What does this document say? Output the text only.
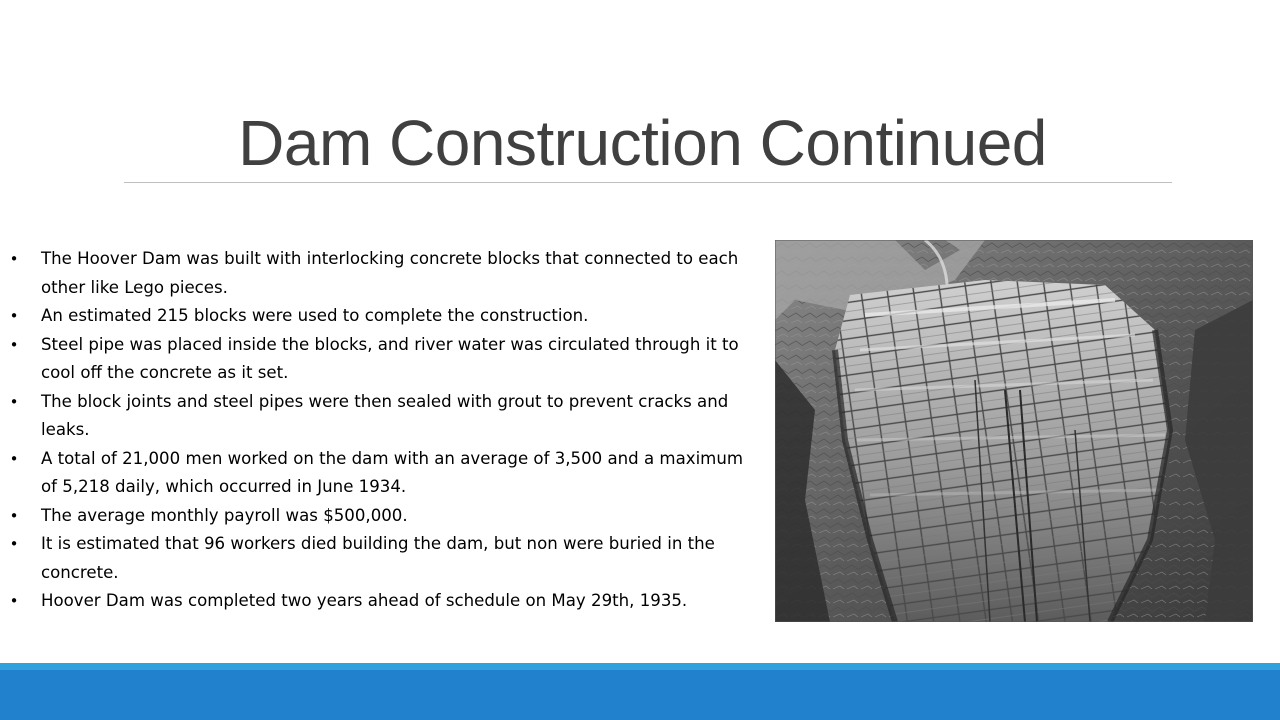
Dam Construction Continued
• The Hoover Dam was built with interlocking concrete blocks that connected to each other like Lego pieces.
• An estimated 215 blocks were used to complete the construction.
• Steel pipe was placed inside the blocks, and river water was circulated through it to cool off the concrete as it set.
• The block joints and steel pipes were then sealed with grout to prevent cracks and leaks.
• A total of 21,000 men worked on the dam with an average of 3,500 and a maximum of 5,218 daily, which occurred in June 1934.
• The average monthly payroll was $500,000.
• It is estimated that 96 workers died building the dam, but non were buried in the concrete.
• Hoover Dam was completed two years ahead of schedule on May 29th, 1935.
